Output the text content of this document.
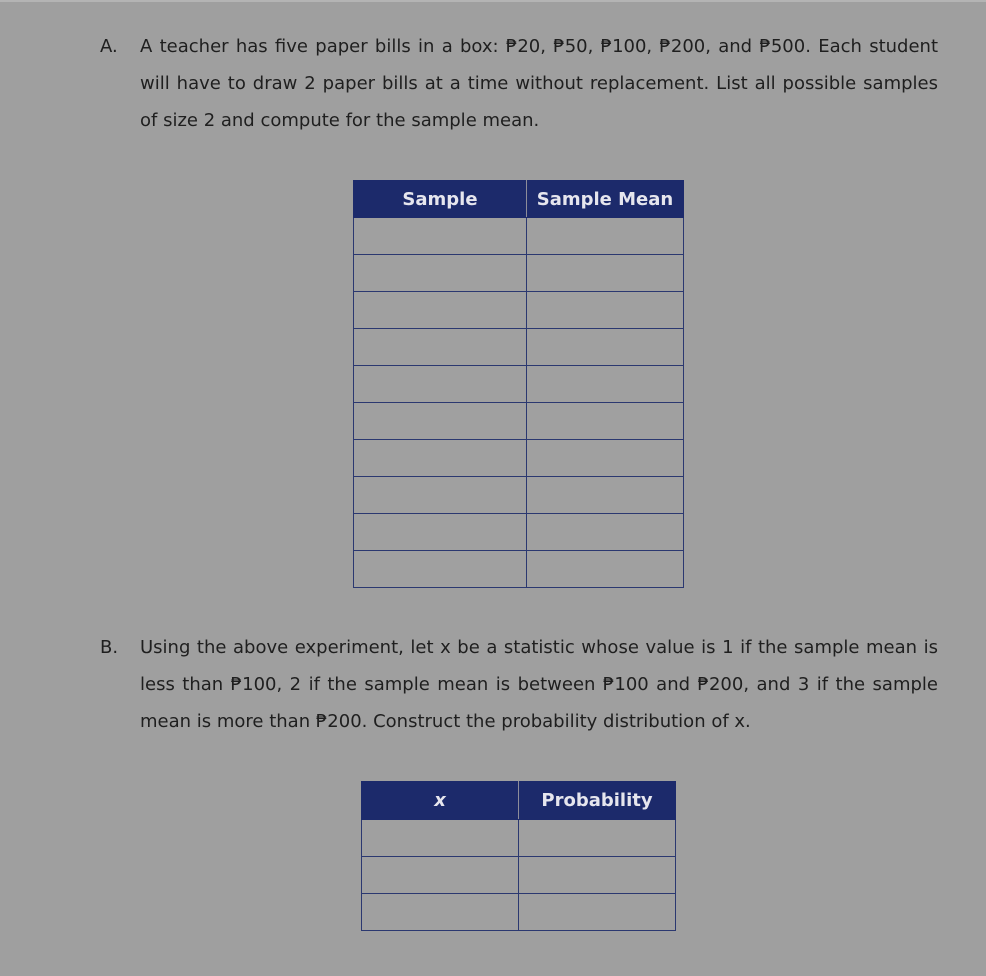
A. A teacher has five paper bills in a box: ₱20, ₱50, ₱100, ₱200, and ₱500. Each student will have to draw 2 paper bills at a time without replacement. List all possible samples of size 2 and compute for the sample mean.
Sample	Sample Mean

B. Using the above experiment, let x be a statistic whose value is 1 if the sample mean is less than ₱100, 2 if the sample mean is between ₱100 and ₱200, and 3 if the sample mean is more than ₱200. Construct the probability distribution of x.
x	Probability
